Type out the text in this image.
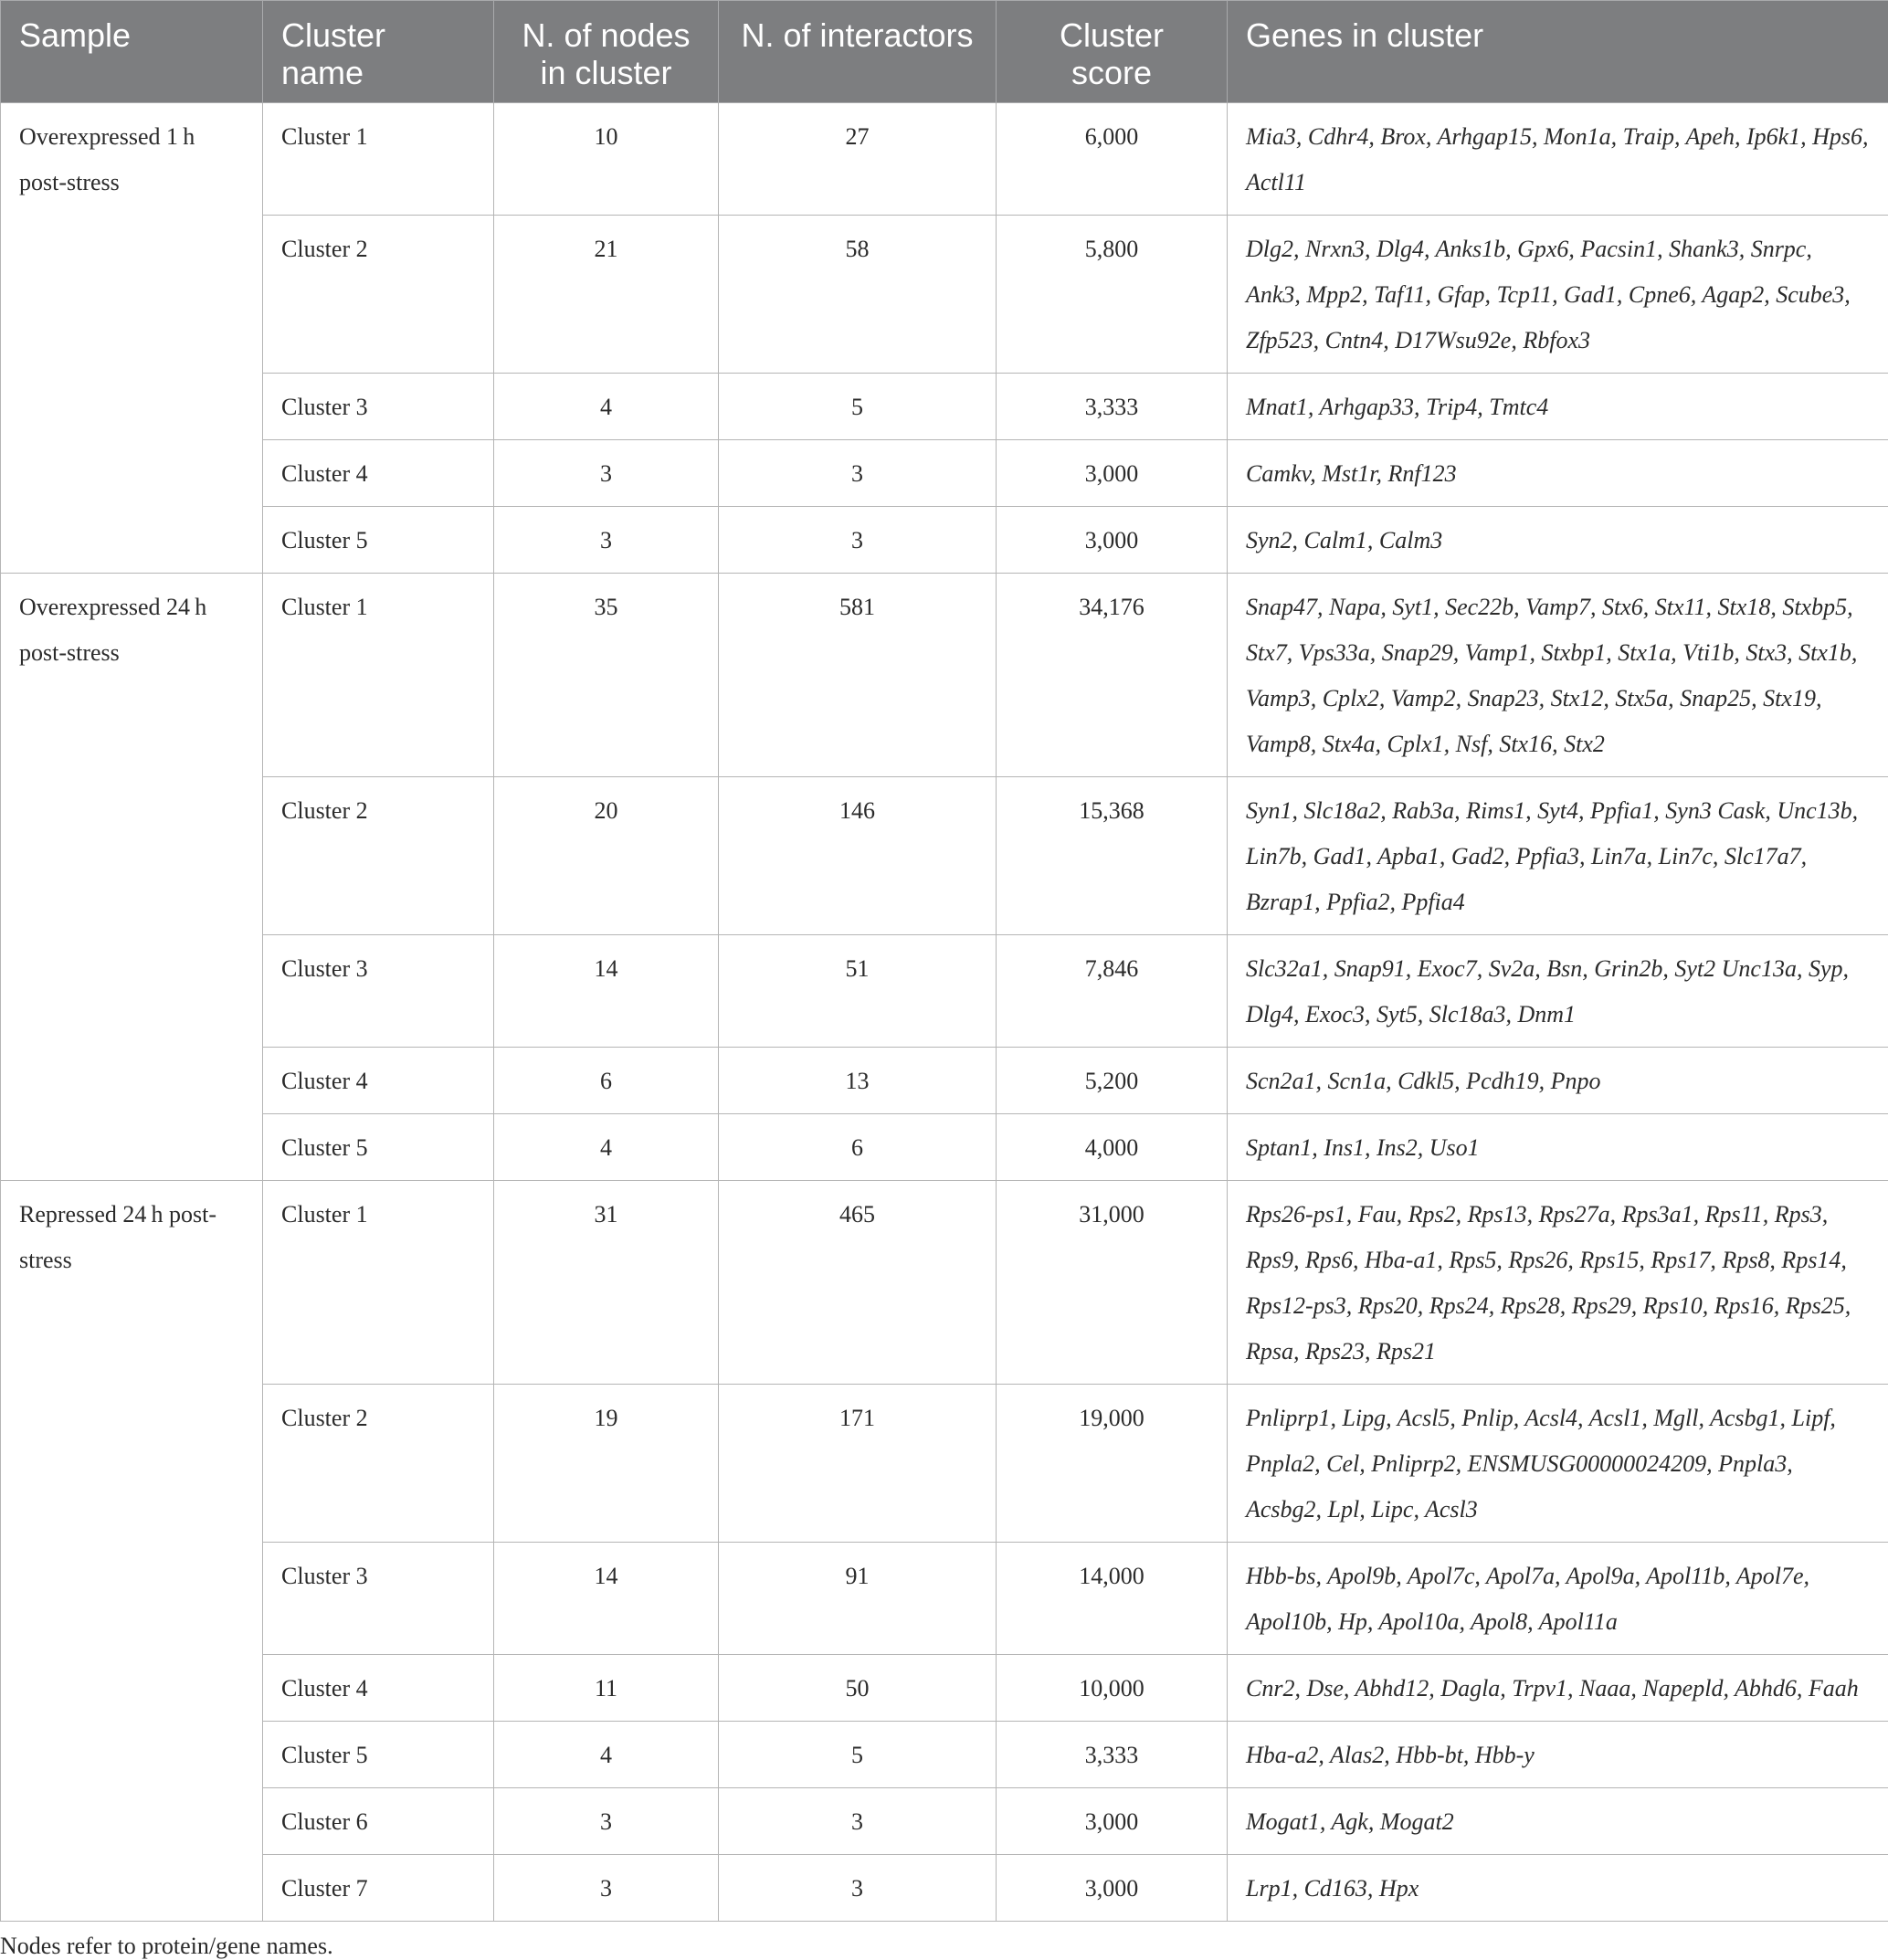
Sample	Cluster name	N. of nodes in cluster	N. of interactors	Cluster score	Genes in cluster
Overexpressed 1 h post-stress	Cluster 1	10	27	6,000	Mia3, Cdhr4, Brox, Arhgap15, Mon1a, Traip, Apeh, Ip6k1, Hps6, Actl11
	Cluster 2	21	58	5,800	Dlg2, Nrxn3, Dlg4, Anks1b, Gpx6, Pacsin1, Shank3, Snrpc, Ank3, Mpp2, Taf11, Gfap, Tcp11, Gad1, Cpne6, Agap2, Scube3, Zfp523, Cntn4, D17Wsu92e, Rbfox3
	Cluster 3	4	5	3,333	Mnat1, Arhgap33, Trip4, Tmtc4
	Cluster 4	3	3	3,000	Camkv, Mst1r, Rnf123
	Cluster 5	3	3	3,000	Syn2, Calm1, Calm3
Overexpressed 24 h post-stress	Cluster 1	35	581	34,176	Snap47, Napa, Syt1, Sec22b, Vamp7, Stx6, Stx11, Stx18, Stxbp5, Stx7, Vps33a, Snap29, Vamp1, Stxbp1, Stx1a, Vti1b, Stx3, Stx1b, Vamp3, Cplx2, Vamp2, Snap23, Stx12, Stx5a, Snap25, Stx19, Vamp8, Stx4a, Cplx1, Nsf, Stx16, Stx2
	Cluster 2	20	146	15,368	Syn1, Slc18a2, Rab3a, Rims1, Syt4, Ppfia1, Syn3 Cask, Unc13b, Lin7b, Gad1, Apba1, Gad2, Ppfia3, Lin7a, Lin7c, Slc17a7, Bzrap1, Ppfia2, Ppfia4
	Cluster 3	14	51	7,846	Slc32a1, Snap91, Exoc7, Sv2a, Bsn, Grin2b, Syt2 Unc13a, Syp, Dlg4, Exoc3, Syt5, Slc18a3, Dnm1
	Cluster 4	6	13	5,200	Scn2a1, Scn1a, Cdkl5, Pcdh19, Pnpo
	Cluster 5	4	6	4,000	Sptan1, Ins1, Ins2, Uso1
Repressed 24 h post-stress	Cluster 1	31	465	31,000	Rps26-ps1, Fau, Rps2, Rps13, Rps27a, Rps3a1, Rps11, Rps3, Rps9, Rps6, Hba-a1, Rps5, Rps26, Rps15, Rps17, Rps8, Rps14, Rps12-ps3, Rps20, Rps24, Rps28, Rps29, Rps10, Rps16, Rps25, Rpsa, Rps23, Rps21
	Cluster 2	19	171	19,000	Pnliprp1, Lipg, Acsl5, Pnlip, Acsl4, Acsl1, Mgll, Acsbg1, Lipf, Pnpla2, Cel, Pnliprp2, ENSMUSG00000024209, Pnpla3, Acsbg2, Lpl, Lipc, Acsl3
	Cluster 3	14	91	14,000	Hbb-bs, Apol9b, Apol7c, Apol7a, Apol9a, Apol11b, Apol7e, Apol10b, Hp, Apol10a, Apol8, Apol11a
	Cluster 4	11	50	10,000	Cnr2, Dse, Abhd12, Dagla, Trpv1, Naaa, Napepld, Abhd6, Faah
	Cluster 5	4	5	3,333	Hba-a2, Alas2, Hbb-bt, Hbb-y
	Cluster 6	3	3	3,000	Mogat1, Agk, Mogat2
	Cluster 7	3	3	3,000	Lrp1, Cd163, Hpx
Nodes refer to protein/gene names.
